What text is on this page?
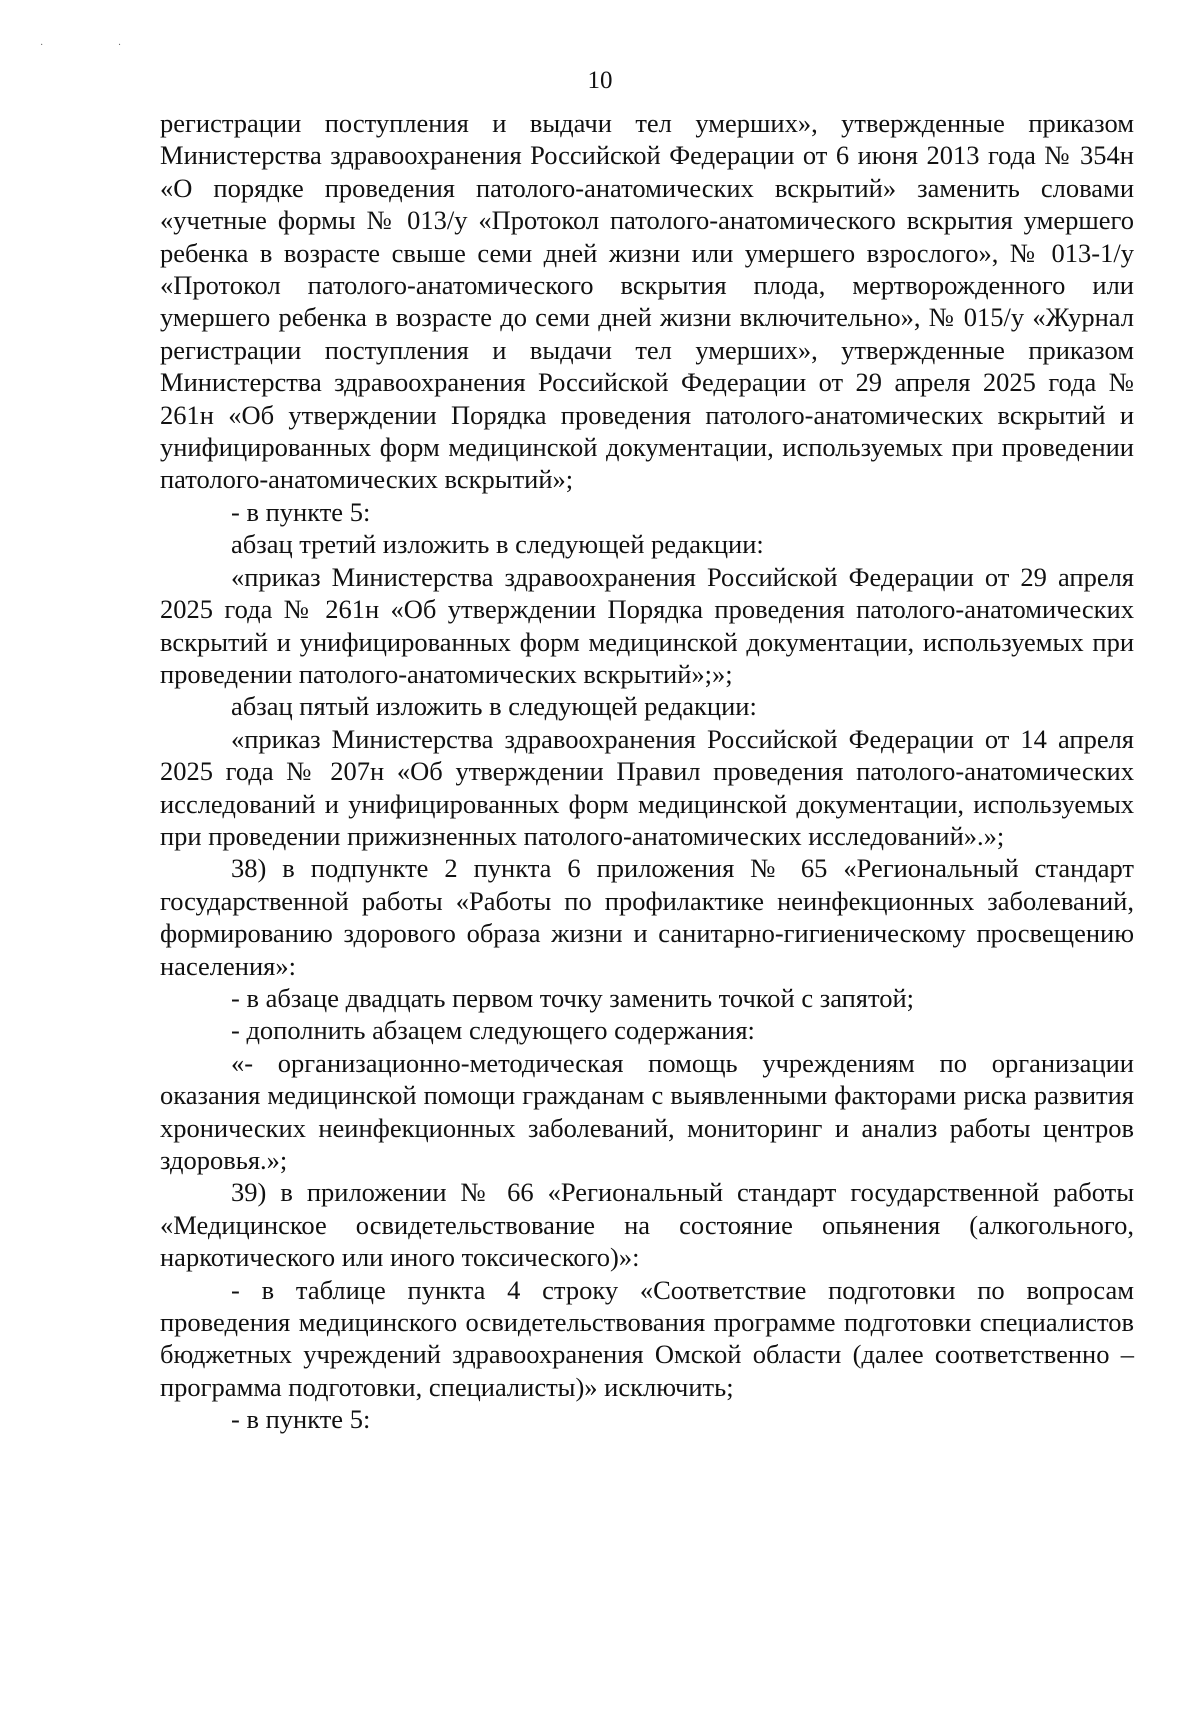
· ·
10

регистрации поступления и выдачи тел умерших», утвержденные приказом Министерства здравоохранения Российской Федерации от 6 июня 2013 года № 354н «О порядке проведения патолого-анатомических вскрытий» заменить словами «учетные формы № 013/у «Протокол патолого-анатомического вскрытия умершего ребенка в возрасте свыше семи дней жизни или умершего взрослого», № 013-1/у «Протокол патолого-анатомического вскрытия плода, мертворожденного или умершего ребенка в возрасте до семи дней жизни включительно», № 015/у «Журнал регистрации поступления и выдачи тел умерших», утвержденные приказом Министерства здравоохранения Российской Федерации от 29 апреля 2025 года № 261н «Об утверждении Порядка проведения патолого-анатомических вскрытий и унифицированных форм медицинской документации, используемых при проведении патолого-анатомических вскрытий»;

- в пункте 5:

абзац третий изложить в следующей редакции:

«приказ Министерства здравоохранения Российской Федерации от 29 апреля 2025 года № 261н «Об утверждении Порядка проведения патолого-анатомических вскрытий и унифицированных форм медицинской документации, используемых при проведении патолого-анатомических вскрытий»;»;

абзац пятый изложить в следующей редакции:

«приказ Министерства здравоохранения Российской Федерации от 14 апреля 2025 года № 207н «Об утверждении Правил проведения патолого-анатомических исследований и унифицированных форм медицинской документации, используемых при проведении прижизненных патолого-анатомических исследований».»;

38) в подпункте 2 пункта 6 приложения № 65 «Региональный стандарт государственной работы «Работы по профилактике неинфекционных заболеваний, формированию здорового образа жизни и санитарно-гигиеническому просвещению населения»:

- в абзаце двадцать первом точку заменить точкой с запятой;

- дополнить абзацем следующего содержания:

«- организационно-методическая помощь учреждениям по организации оказания медицинской помощи гражданам с выявленными факторами риска развития хронических неинфекционных заболеваний, мониторинг и анализ работы центров здоровья.»;

39) в приложении № 66 «Региональный стандарт государственной работы «Медицинское освидетельствование на состояние опьянения (алкогольного, наркотического или иного токсического)»:

- в таблице пункта 4 строку «Соответствие подготовки по вопросам проведения медицинского освидетельствования программе подготовки специалистов бюджетных учреждений здравоохранения Омской области (далее соответственно – программа подготовки, специалисты)» исключить;

- в пункте 5:
